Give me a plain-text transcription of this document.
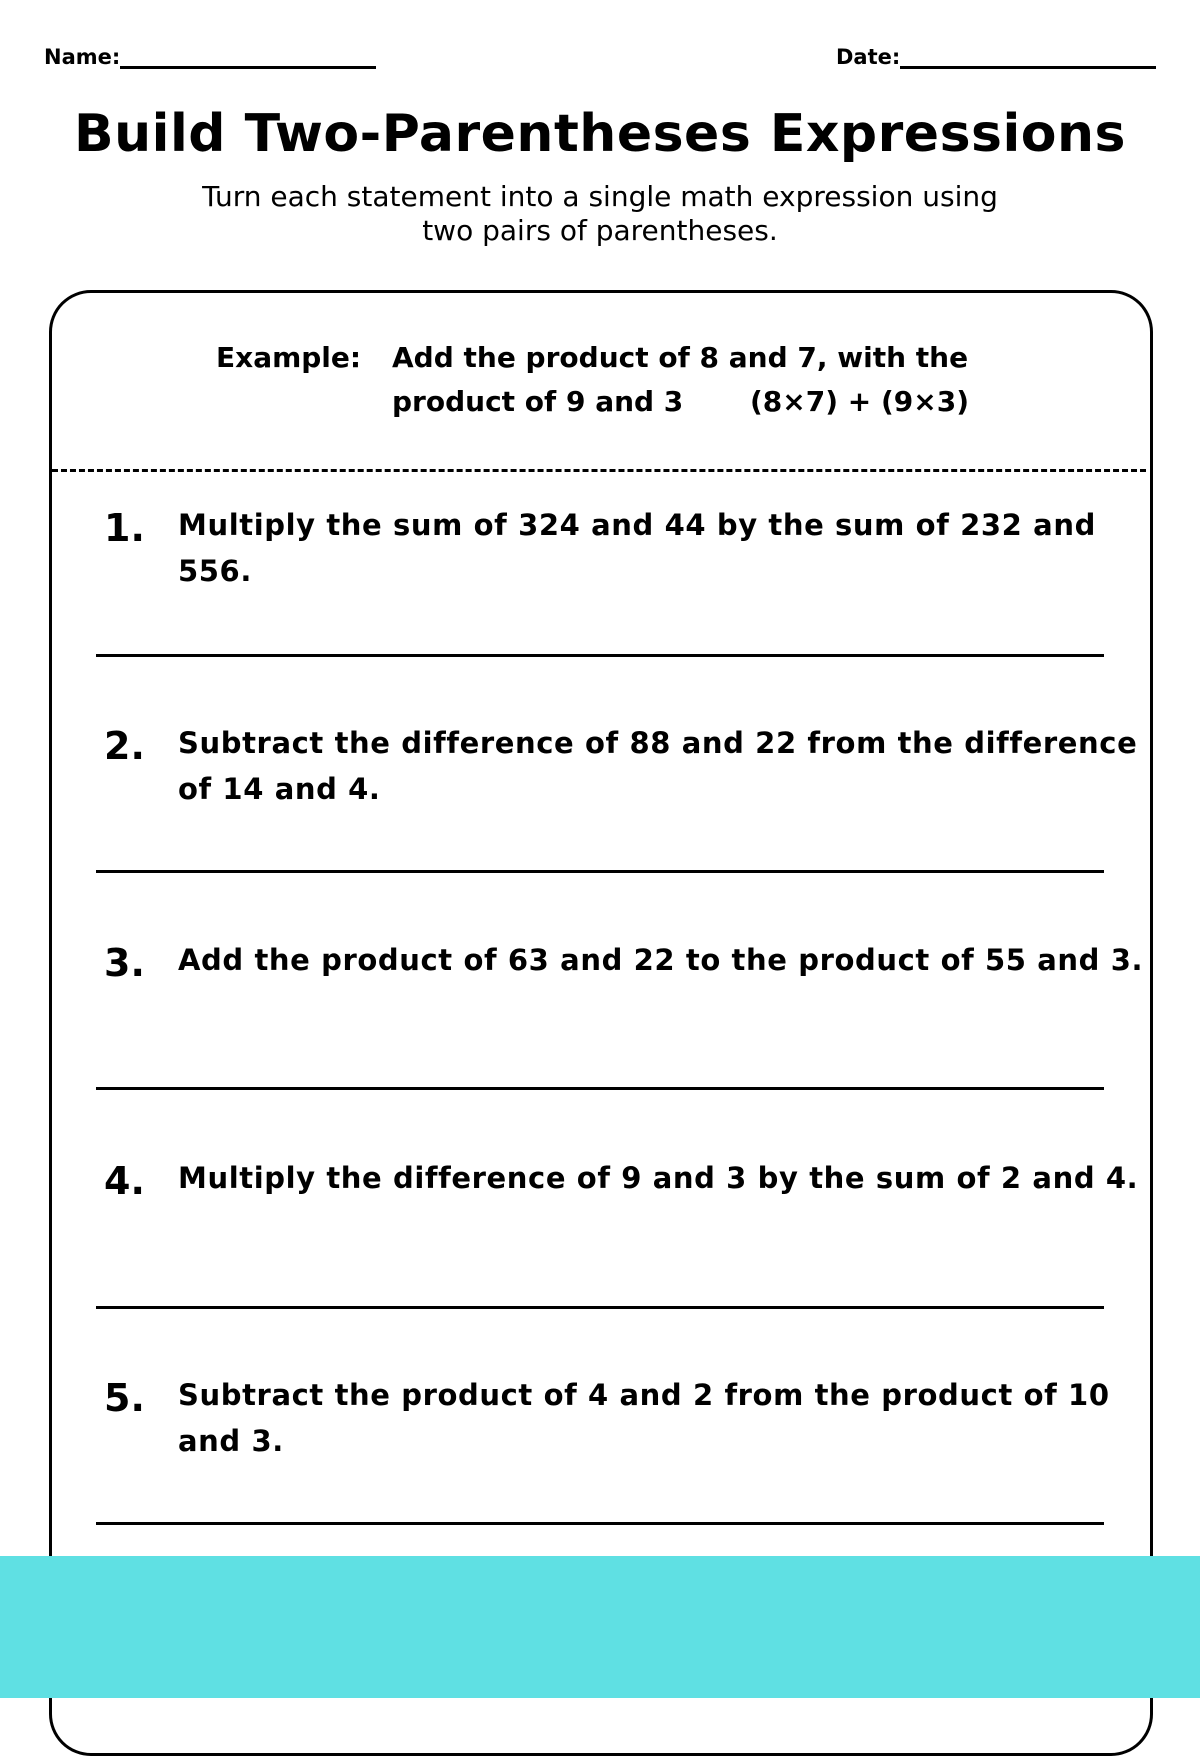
Name:	Date:
Build Two-Parentheses Expressions
Turn each statement into a single math expression using two pairs of parentheses.
Example: Add the product of 8 and 7, with the product of 9 and 3	(8×7) + (9×3)
1. Multiply the sum of 324 and 44 by the sum of 232 and 556.
2. Subtract the difference of 88 and 22 from the difference of 14 and 4.
3. Add the product of 63 and 22 to the product of 55 and 3.
4. Multiply the difference of 9 and 3 by the sum of 2 and 4.
5. Subtract the product of 4 and 2 from the product of 10 and 3.
